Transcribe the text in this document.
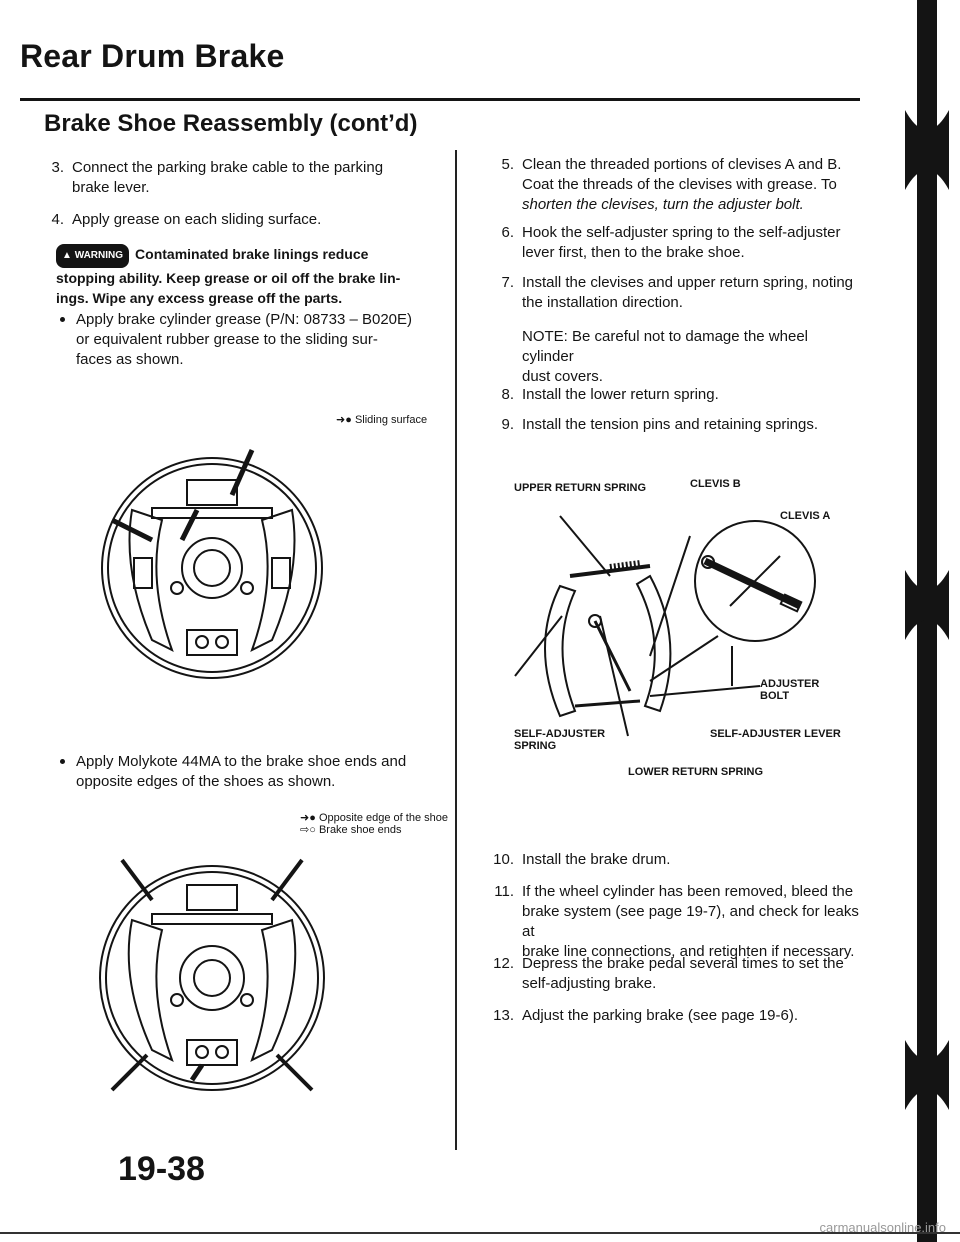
Rear Drum Brake
Brake Shoe Reassembly (cont’d)
3. Connect the parking brake cable to the parking
brake lever.
4. Apply grease on each sliding surface.
▲ WARNING Contaminated brake linings reduce
stopping ability. Keep grease or oil off the brake lin-
ings. Wipe any excess grease off the parts.
Apply brake cylinder grease (P/N: 08733 – B020E)
or equivalent rubber grease to the sliding sur-
faces as shown.
➜● Sliding surface
Apply Molykote 44MA to the brake shoe ends and
opposite edges of the shoes as shown.
➜● Opposite edge of the shoe
⇨○ Brake shoe ends
19-38
5. Clean the threaded portions of clevises A and B.
Coat the threads of the clevises with grease. To
shorten the clevises, turn the adjuster bolt.
6. Hook the self-adjuster spring to the self-adjuster
lever first, then to the brake shoe.
7. Install the clevises and upper return spring, noting
the installation direction.
NOTE: Be careful not to damage the wheel cylinder
dust covers.
8. Install the lower return spring.
9. Install the tension pins and retaining springs.
UPPER RETURN SPRING	CLEVIS B
CLEVIS A
ADJUSTER
BOLT
SELF-ADJUSTER
SPRING
SELF-ADJUSTER LEVER
LOWER RETURN SPRING
10. Install the brake drum.
11. If the wheel cylinder has been removed, bleed the
brake system (see page 19-7), and check for leaks at
brake line connections, and retighten if necessary.
12. Depress the brake pedal several times to set the
self-adjusting brake.
13. Adjust the parking brake (see page 19-6).
carmanualsonline.info
